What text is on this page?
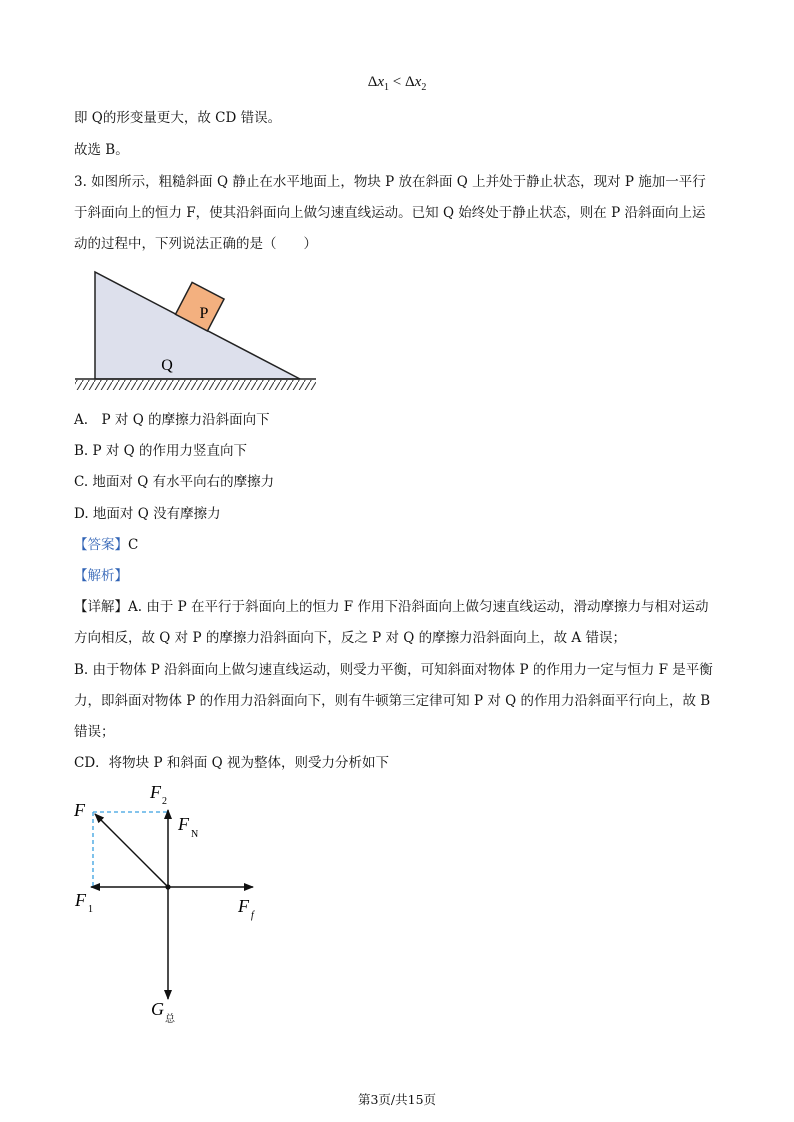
$\Delta x_1 < \Delta x_2$
即 Q的形变量更大，故 CD 错误。
故选 B。
3. 如图所示，粗糙斜面 Q 静止在水平地面上，物块 P 放在斜面 Q 上并处于静止状态，现对 P 施加一平行
于斜面向上的恒力 F，使其沿斜面向上做匀速直线运动。已知 Q 始终处于静止状态，则在 P 沿斜面向上运
动的过程中，下列说法正确的是（　　）
P
Q
A.　P 对 Q 的摩擦力沿斜面向下
B. P 对 Q 的作用力竖直向下
C. 地面对 Q 有水平向右的摩擦力
D. 地面对 Q 没有摩擦力
【答案】C
【解析】
【详解】A. 由于 P 在平行于斜面向上的恒力 F 作用下沿斜面向上做匀速直线运动，滑动摩擦力与相对运动
方向相反，故 Q 对 P 的摩擦力沿斜面向下，反之 P 对 Q 的摩擦力沿斜面向上，故 A 错误；
B. 由于物体 P 沿斜面向上做匀速直线运动，则受力平衡，可知斜面对物体 P 的作用力一定与恒力 F 是平衡
力，即斜面对物体 P 的作用力沿斜面向下，则有牛顿第三定律可知 P 对 Q 的作用力沿斜面平行向上，故 B
错误；
CD．将物块 P 和斜面 Q 视为整体，则受力分析如下
F
F 2
F
N
F 1	F f
G
总
第3页/共15页
